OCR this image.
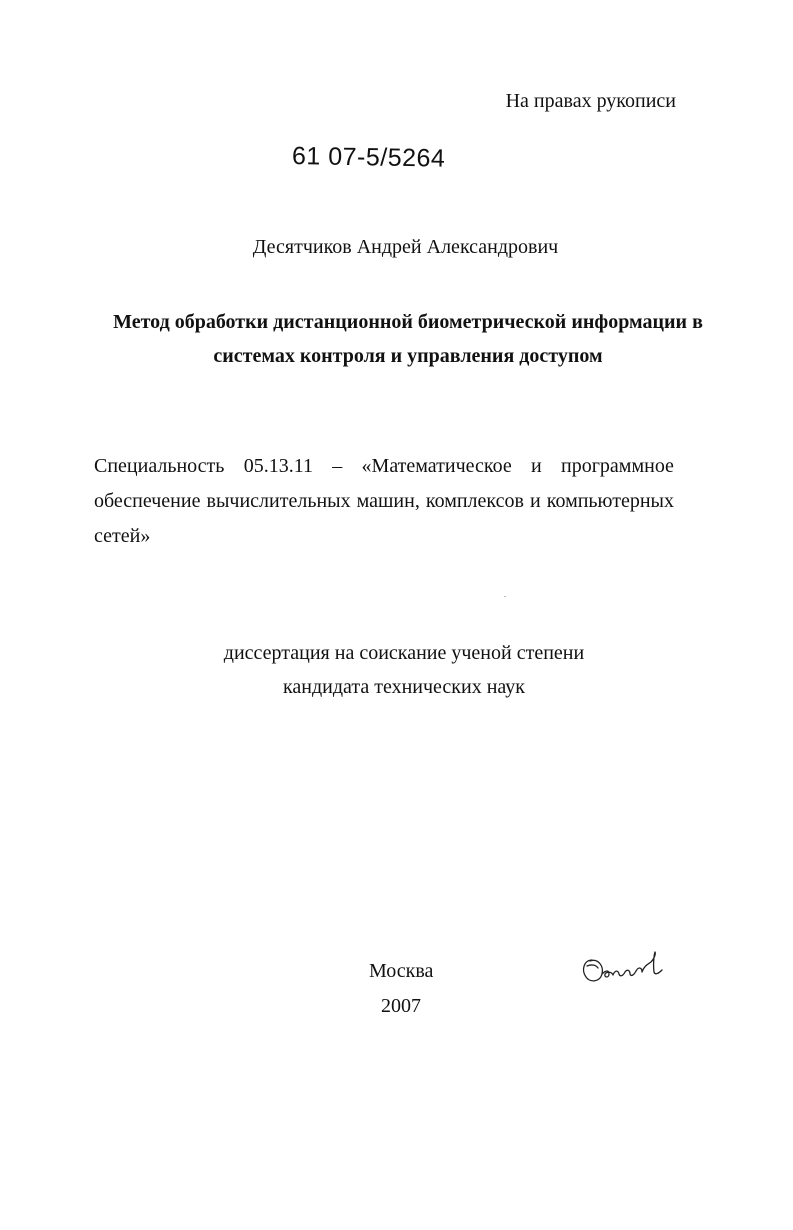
На правах рукописи
61 07-5/5264
Десятчиков Андрей Александрович
Метод обработки дистанционной биометрической информации в
системах контроля и управления доступом
Специальность 05.13.11 – «Математическое и программное
обеспечение вычислительных машин, комплексов и компьютерных
сетей»
диссертация на соискание ученой степени
кандидата технических наук
Москва
2007
